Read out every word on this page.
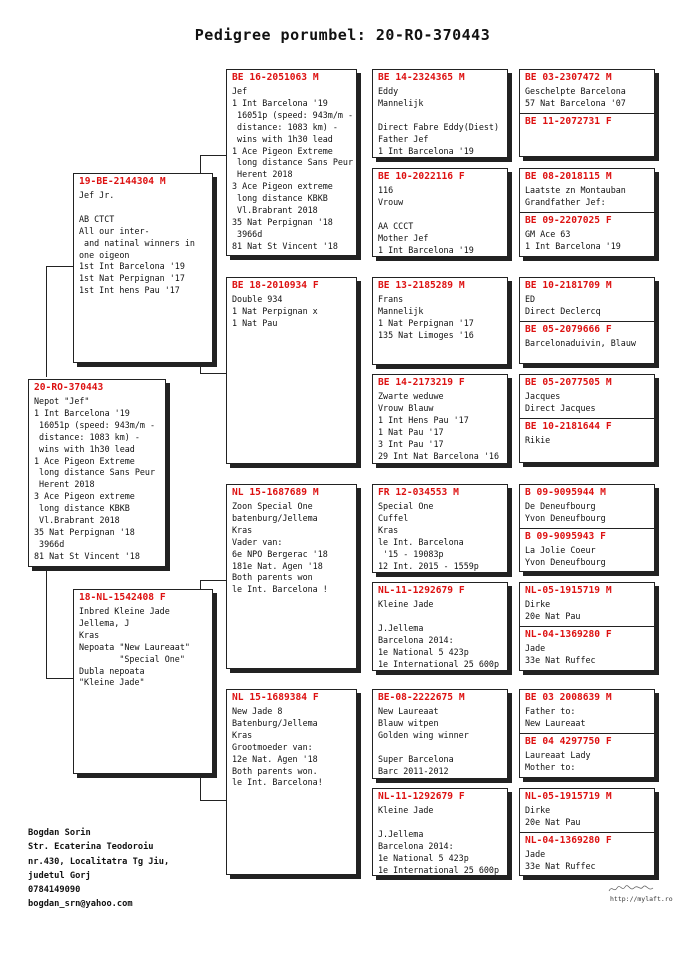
Pedigree porumbel: 20-RO-370443
20-RO-370443
Nepot "Jef"
1 Int Barcelona '19
16051p (speed: 943m/m -
distance: 1083 km) -
wins with 1h30 lead
1 Ace Pigeon Extreme
long distance Sans Peur
Herent 2018
3 Ace Pigeon extreme
long distance KBKB
Vl.Brabrant 2018
35 Nat Perpignan '18
3966d
81 Nat St Vincent '18
19-BE-2144304 M
Jef Jr.

AB CTCT
All our inter-
and natinal winners in
one oigeon
1st Int Barcelona '19
1st Nat Perpignan '17
1st Int hens Pau '17
18-NL-1542408 F
Inbred Kleine Jade
Jellema, J
Kras
Nepoata "New Laureaat"
"Special One"
Dubla nepoata
"Kleine Jade"
BE 16-2051063 M
Jef
1 Int Barcelona '19
16051p (speed: 943m/m -
distance: 1083 km) -
wins with 1h30 lead
1 Ace Pigeon Extreme
long distance Sans Peur
Herent 2018
3 Ace Pigeon extreme
long distance KBKB
Vl.Brabrant 2018
35 Nat Perpignan '18
3966d
81 Nat St Vincent '18
BE 18-2010934 F
Double 934
1 Nat Perpignan x
1 Nat Pau
NL 15-1687689 M
Zoon Special One
batenburg/Jellema
Kras
Vader van:
6e NPO Bergerac '18
181e Nat. Agen '18
Both parents won
le Int. Barcelona !
NL 15-1689384 F
New Jade 8
Batenburg/Jellema
Kras
Grootmoeder van:
12e Nat. Agen '18
Both parents won.
le Int. Barcelona!
BE 14-2324365 M
Eddy
Mannelijk

Direct Fabre Eddy(Diest)
Father Jef
1 Int Barcelona '19
BE 10-2022116 F
116
Vrouw

AA CCCT
Mother Jef
1 Int Barcelona '19
BE 13-2185289 M
Frans
Mannelijk
1 Nat Perpignan '17
135 Nat Limoges '16
BE 14-2173219 F
Zwarte weduwe
Vrouw Blauw
1 Int Hens Pau '17
1 Nat Pau '17
3 Int Pau '17
29 Int Nat Barcelona '16
FR 12-034553 M
Special One
Cuffel
Kras
le Int. Barcelona
'15 - 19083p
12 Int. 2015 - 1559p
NL-11-1292679 F
Kleine Jade

J.Jellema
Barcelona 2014:
1e National 5 423p
1e International 25 600p
BE-08-2222675 M
New Laureaat
Blauw witpen
Golden wing winner

Super Barcelona
Barc 2011-2012
NL-11-1292679 F
Kleine Jade

J.Jellema
Barcelona 2014:
1e National 5 423p
1e International 25 600p
BE 03-2307472 M
Geschelpte Barcelona
57 Nat Barcelona '07
BE 11-2072731 F
BE 08-2018115 M
Laatste zn Montauban
Grandfather Jef:
BE 09-2207025 F
GM Ace 63
1 Int Barcelona '19
BE 10-2181709 M
ED
Direct Declercq
BE 05-2079666 F
Barcelonaduivin, Blauw
BE 05-2077505 M
Jacques
Direct Jacques
BE 10-2181644 F
Rikie
B 09-9095944 M
De Deneufbourg
Yvon Deneufbourg
B 09-9095943 F
La Jolie Coeur
Yvon Deneufbourg
NL-05-1915719 M
Dirke
20e Nat Pau
NL-04-1369280 F
Jade
33e Nat Ruffec
BE 03 2008639 M
Father to:
New Laureaat
BE 04 4297750 F
Laureaat Lady
Mother to:
NL-05-1915719 M
Dirke
20e Nat Pau
NL-04-1369280 F
Jade
33e Nat Ruffec
Bogdan Sorin
Str. Ecaterina Teodoroiu
nr.430, Localitatra Tg Jiu,
judetul Gorj
0784149090
bogdan_srn@yahoo.com
http://mylaft.ro
